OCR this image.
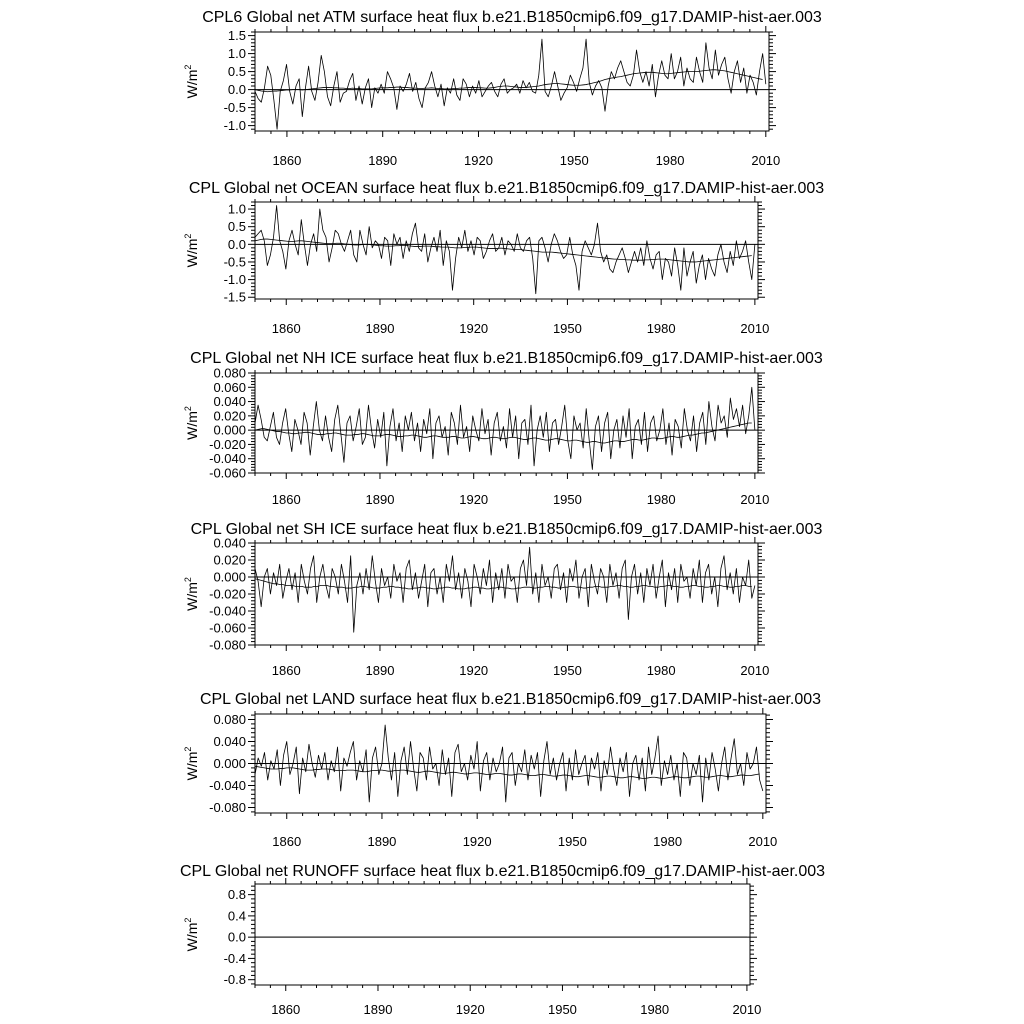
CPL6 Global net ATM surface heat flux b.e21.B1850cmip6.f09_g17.DAMIP-hist-aer.003
1860	1890	1920	1950	1980	2010
1.5
1.0
0.5
0.0
-0.5
-1.0
$W/m^2$
CPL Global net OCEAN surface heat flux b.e21.B1850cmip6.f09_g17.DAMIP-hist-aer.003
1860	1890	1920	1950	1980	2010
1.0
0.5
0.0
-0.5
-1.0
-1.5
$W/m^2$
CPL Global net NH ICE surface heat flux b.e21.B1850cmip6.f09_g17.DAMIP-hist-aer.003
1860	1890	1920	1950	1980	2010
0.080
0.060
0.040
0.020
0.000
-0.020
-0.040
-0.060
$W/m^2$
CPL Global net SH ICE surface heat flux b.e21.B1850cmip6.f09_g17.DAMIP-hist-aer.003
1860	1890	1920	1950	1980	2010
0.040
0.020
0.000
-0.020
-0.040
-0.060
-0.080
$W/m^2$
CPL Global net LAND surface heat flux b.e21.B1850cmip6.f09_g17.DAMIP-hist-aer.003
1860	1890	1920	1950	1980	2010
0.080
0.040
0.000
-0.040
-0.080
$W/m^2$
CPL Global net RUNOFF surface heat flux b.e21.B1850cmip6.f09_g17.DAMIP-hist-aer.003
1860	1890	1920	1950	1980	2010
0.8
0.4
0.0
-0.4
-0.8
$W/m^2$
